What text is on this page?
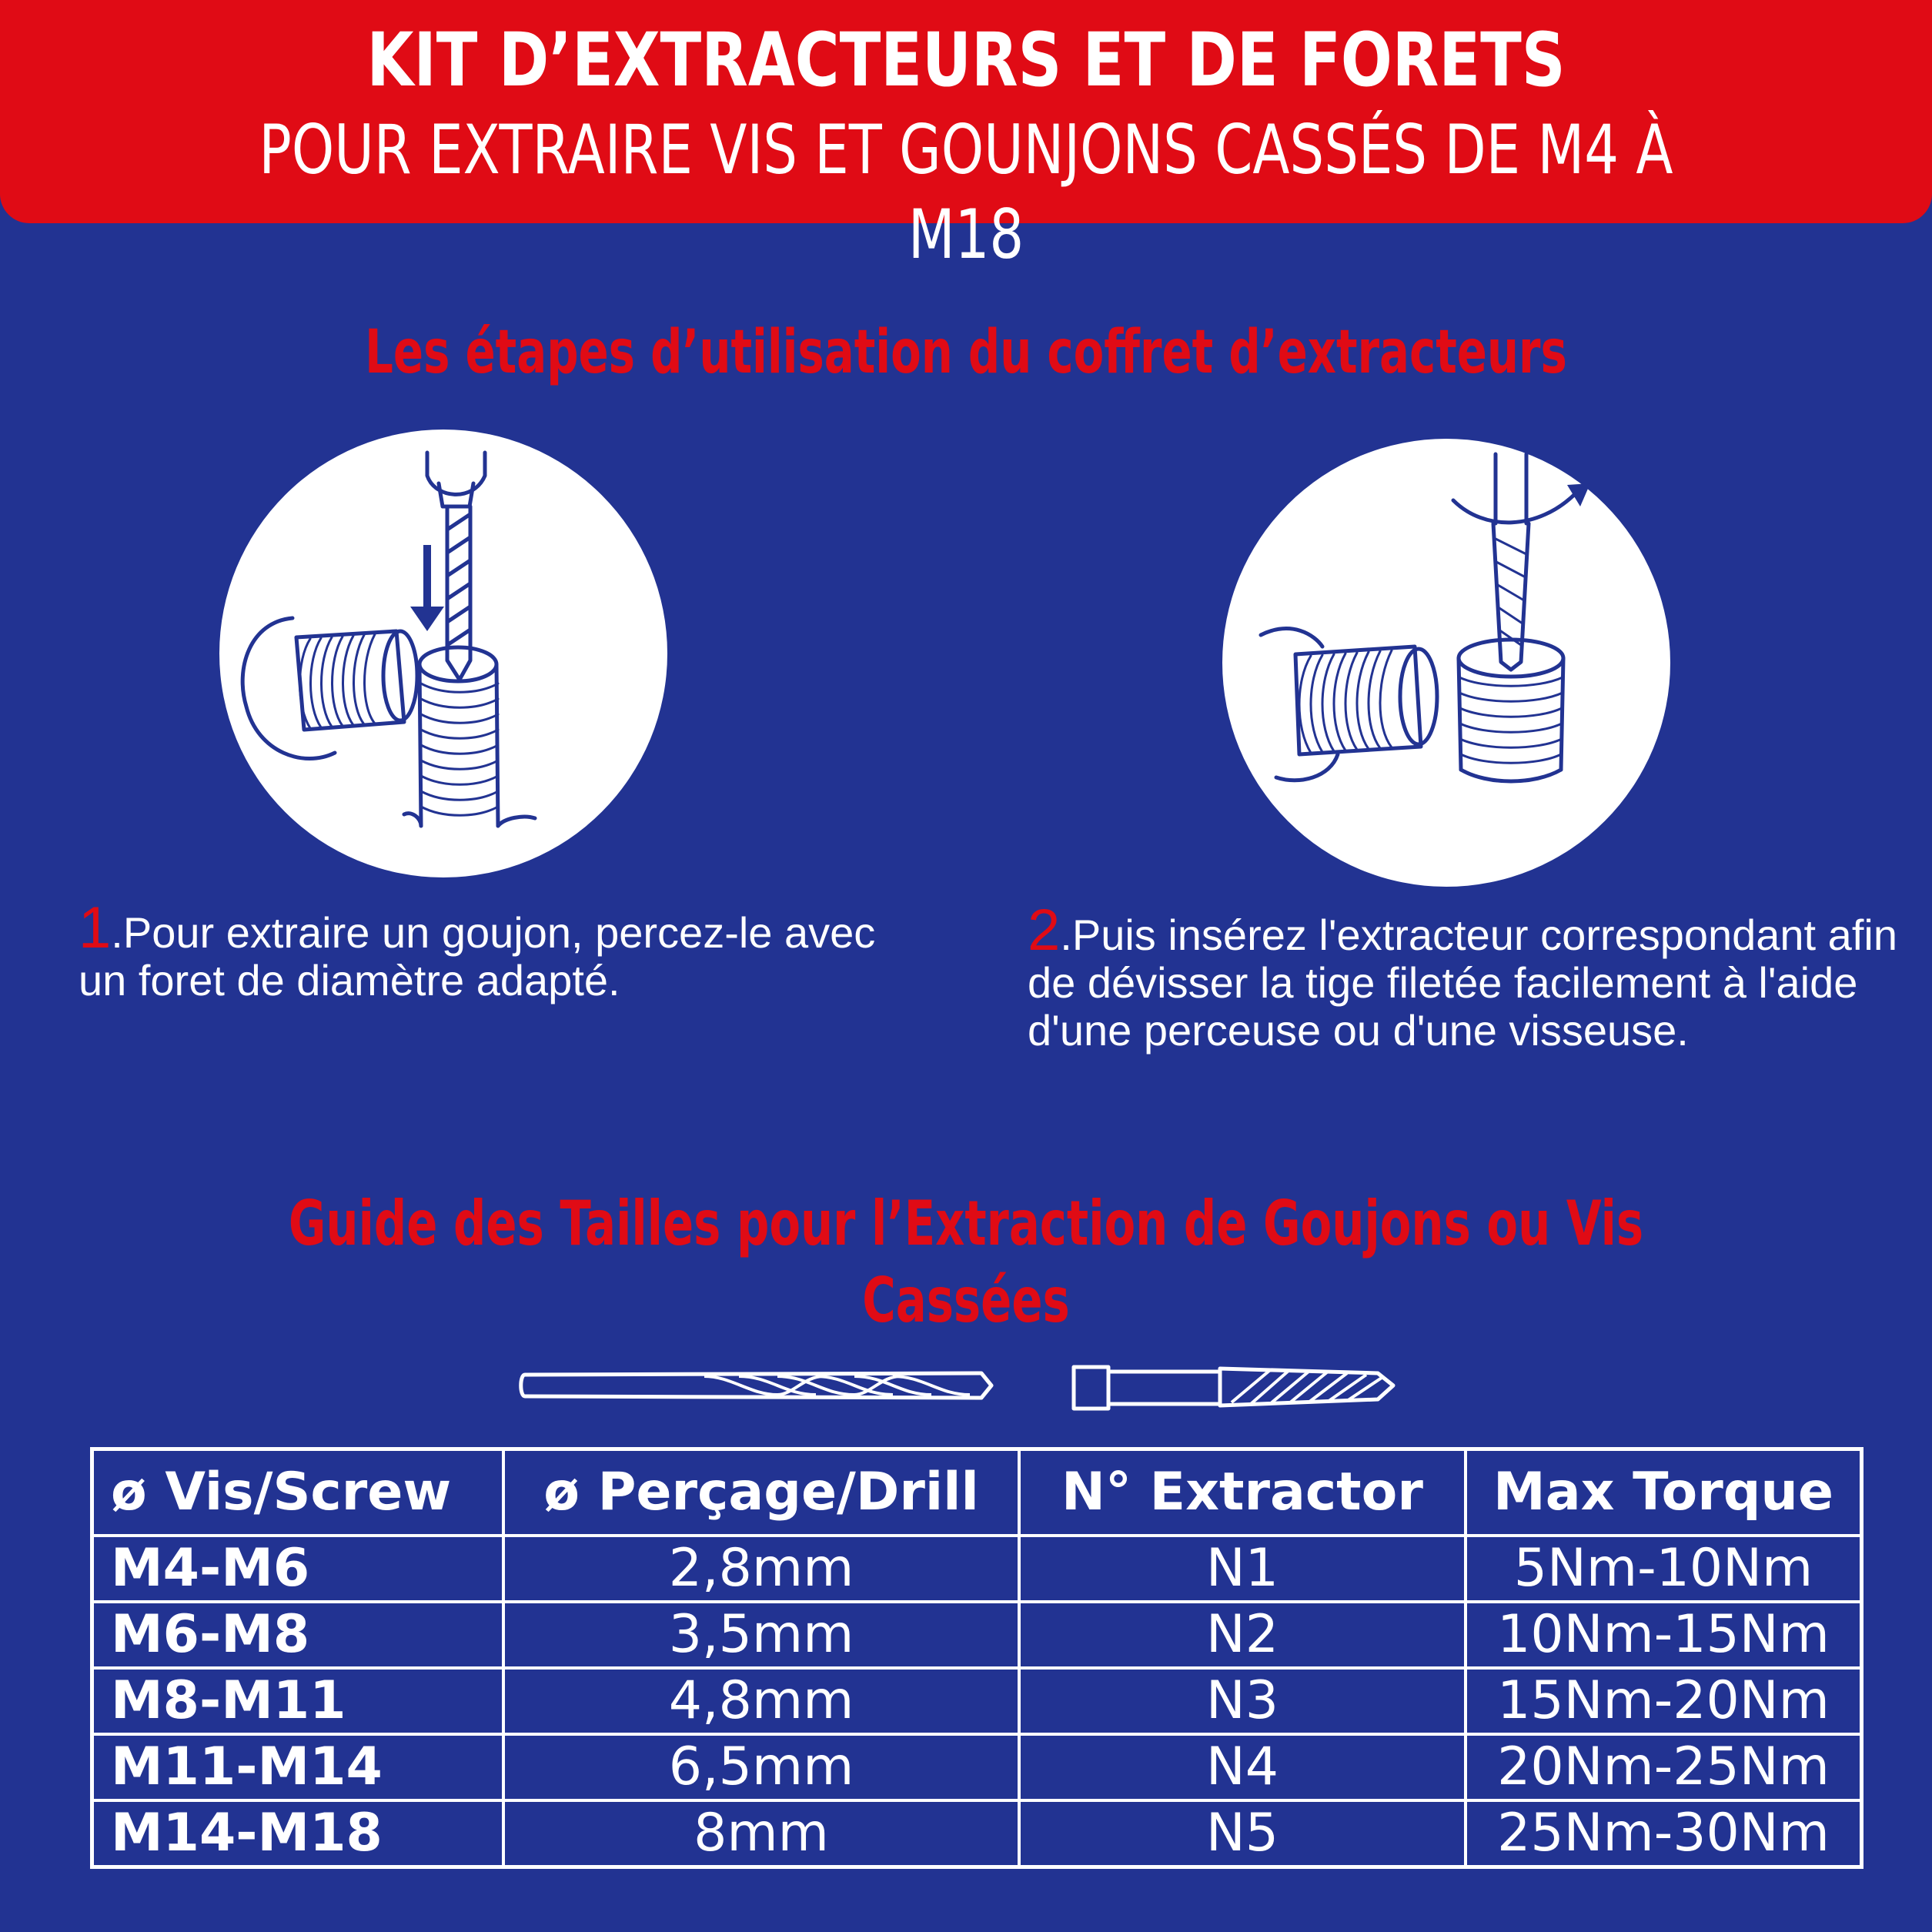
KIT D’EXTRACTEURS ET DE FORETS
POUR EXTRAIRE VIS ET GOUNJONS CASSÉS DE M4 À M18
Les étapes d’utilisation du coffret d’extracteurs
1.Pour extraire un goujon, percez-le avec un foret de diamètre adapté.
2.Puis insérez l'extracteur correspondant afin de dévisser la tige filetée facilement à l'aide d'une perceuse ou d'une visseuse.
Guide des Tailles pour l’Extraction de Goujons ou Vis Cassées
ø Vis/Screw	ø Perçage/Drill	N° Extractor	Max Torque
M4-M6	2,8mm	N1	5Nm-10Nm
M6-M8	3,5mm	N2	10Nm-15Nm
M8-M11	4,8mm	N3	15Nm-20Nm
M11-M14	6,5mm	N4	20Nm-25Nm
M14-M18	8mm	N5	25Nm-30Nm
